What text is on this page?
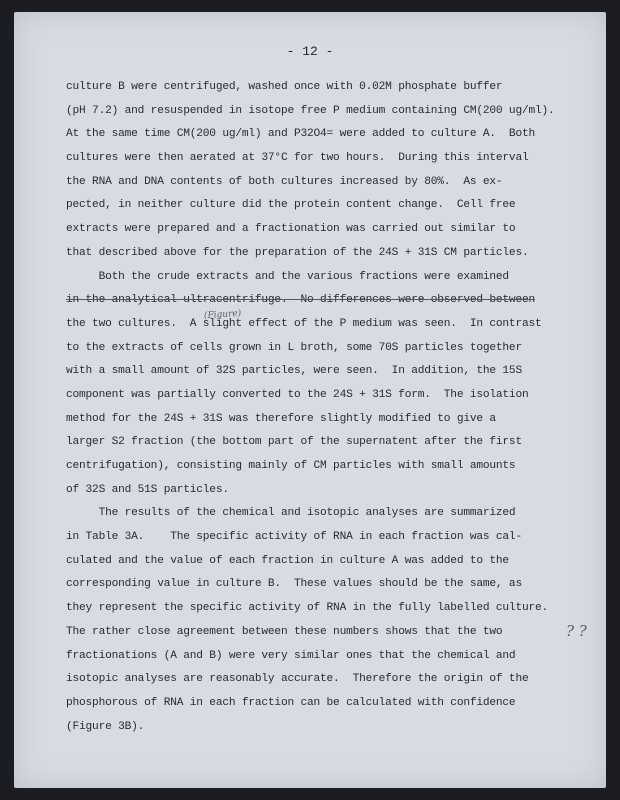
- 12 -
culture B were centrifuged, washed once with 0.02M phosphate buffer
(pH 7.2) and resuspended in isotope free P medium containing CM(200 ug/ml).
At the same time CM(200 ug/ml) and P32O4= were added to culture A.  Both
cultures were then aerated at 37°C for two hours.  During this interval
the RNA and DNA contents of both cultures increased by 80%.  As ex-
pected, in neither culture did the protein content change.  Cell free
extracts were prepared and a fractionation was carried out similar to
that described above for the preparation of the 24S + 31S CM particles.
Both the crude extracts and the various fractions were examined
in the analytical ultracentrifuge.  No differences were observed between
the two cultures.  A slight effect of the P medium was seen.  In contrast
to the extracts of cells grown in L broth, some 70S particles together
with a small amount of 32S particles, were seen.  In addition, the 15S
component was partially converted to the 24S + 31S form.  The isolation
method for the 24S + 31S was therefore slightly modified to give a
larger S2 fraction (the bottom part of the supernatent after the first
centrifugation), consisting mainly of CM particles with small amounts
of 32S and 51S particles.
The results of the chemical and isotopic analyses are summarized
in Table 3A.    The specific activity of RNA in each fraction was cal-
culated and the value of each fraction in culture A was added to the
corresponding value in culture B.  These values should be the same, as
they represent the specific activity of RNA in the fully labelled culture.
The rather close agreement between these numbers shows that the two
fractionations (A and B) were very similar ones that the chemical and
isotopic analyses are reasonably accurate.  Therefore the origin of the
phosphorous of RNA in each fraction can be calculated with confidence
(Figure 3B).
(Figure)
? ?
